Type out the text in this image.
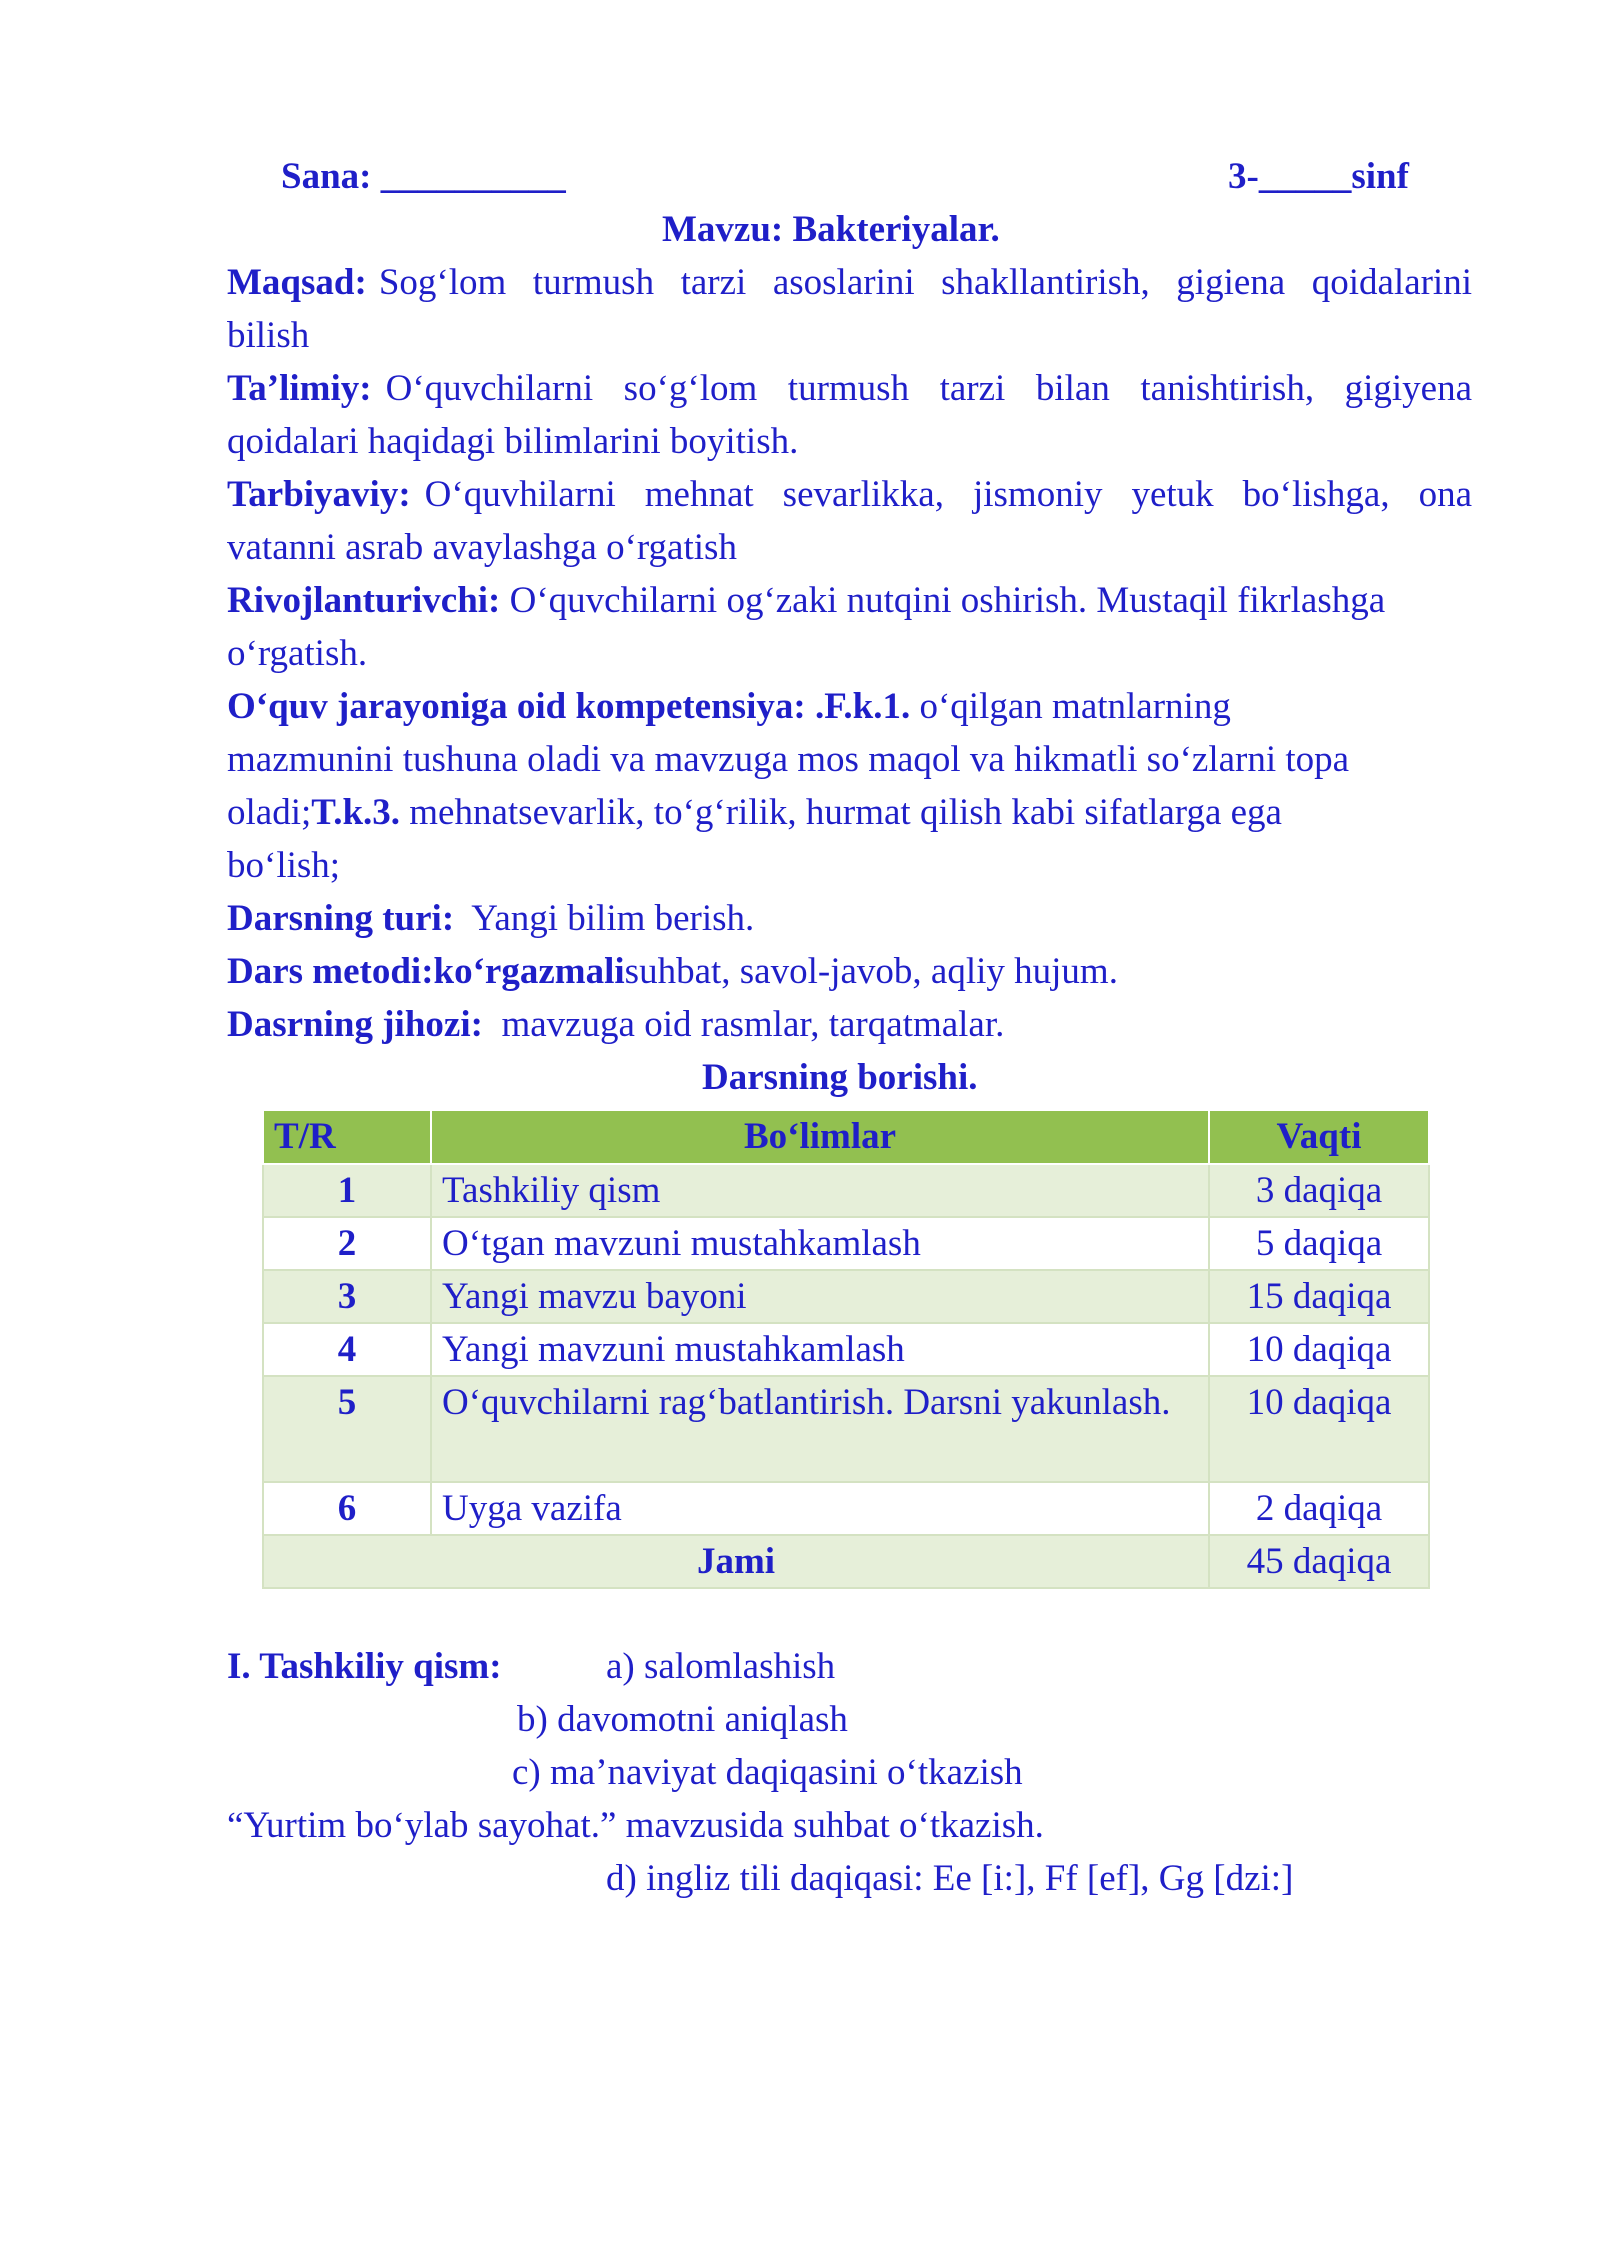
Sana: __________	3-_____sinf
Mavzu: Bakteriyalar.
Maqsad: Sog‘lom turmush tarzi asoslarini shakllantirish, gigiena qoidalarini
bilish
Ta’limiy: O‘quvchilarni so‘g‘lom turmush tarzi bilan tanishtirish, gigiyena
qoidalari haqidagi bilimlarini boyitish.
Tarbiyaviy: O‘quvhilarni mehnat sevarlikka, jismoniy yetuk bo‘lishga, ona
vatanni asrab avaylashga o‘rgatish
Rivojlanturivchi: O‘quvchilarni og‘zaki nutqini oshirish. Mustaqil fikrlashga
o‘rgatish.
O‘quv jarayoniga oid kompetensiya: .F.k.1. o‘qilgan matnlarning
mazmunini tushuna oladi va mavzuga mos maqol va hikmatli so‘zlarni topa
oladi;T.k.3. mehnatsevarlik, to‘g‘rilik, hurmat qilish kabi sifatlarga ega
bo‘lish;
Darsning turi: Yangi bilim berish.
Dars metodi:ko‘rgazmalisuhbat, savol-javob, aqliy hujum.
Dasrning jihozi: mavzuga oid rasmlar, tarqatmalar.
Darsning borishi.
T/R	Bo‘limlar	Vaqti
1	Tashkiliy qism	3 daqiqa
2	O‘tgan mavzuni mustahkamlash	5 daqiqa
3	Yangi mavzu bayoni	15 daqiqa
4	Yangi mavzuni mustahkamlash	10 daqiqa
5	O‘quvchilarni rag‘batlantirish. Darsni yakunlash.	10 daqiqa
6	Uyga vazifa	2 daqiqa
Jami		45 daqiqa
I. Tashkiliy qism:	a) salomlashish
b) davomotni aniqlash
c) ma’naviyat daqiqasini o‘tkazish
“Yurtim bo‘ylab sayohat.” mavzusida suhbat o‘tkazish.
d) ingliz tili daqiqasi: Ee [i:], Ff [ef], Gg [dzi:]
